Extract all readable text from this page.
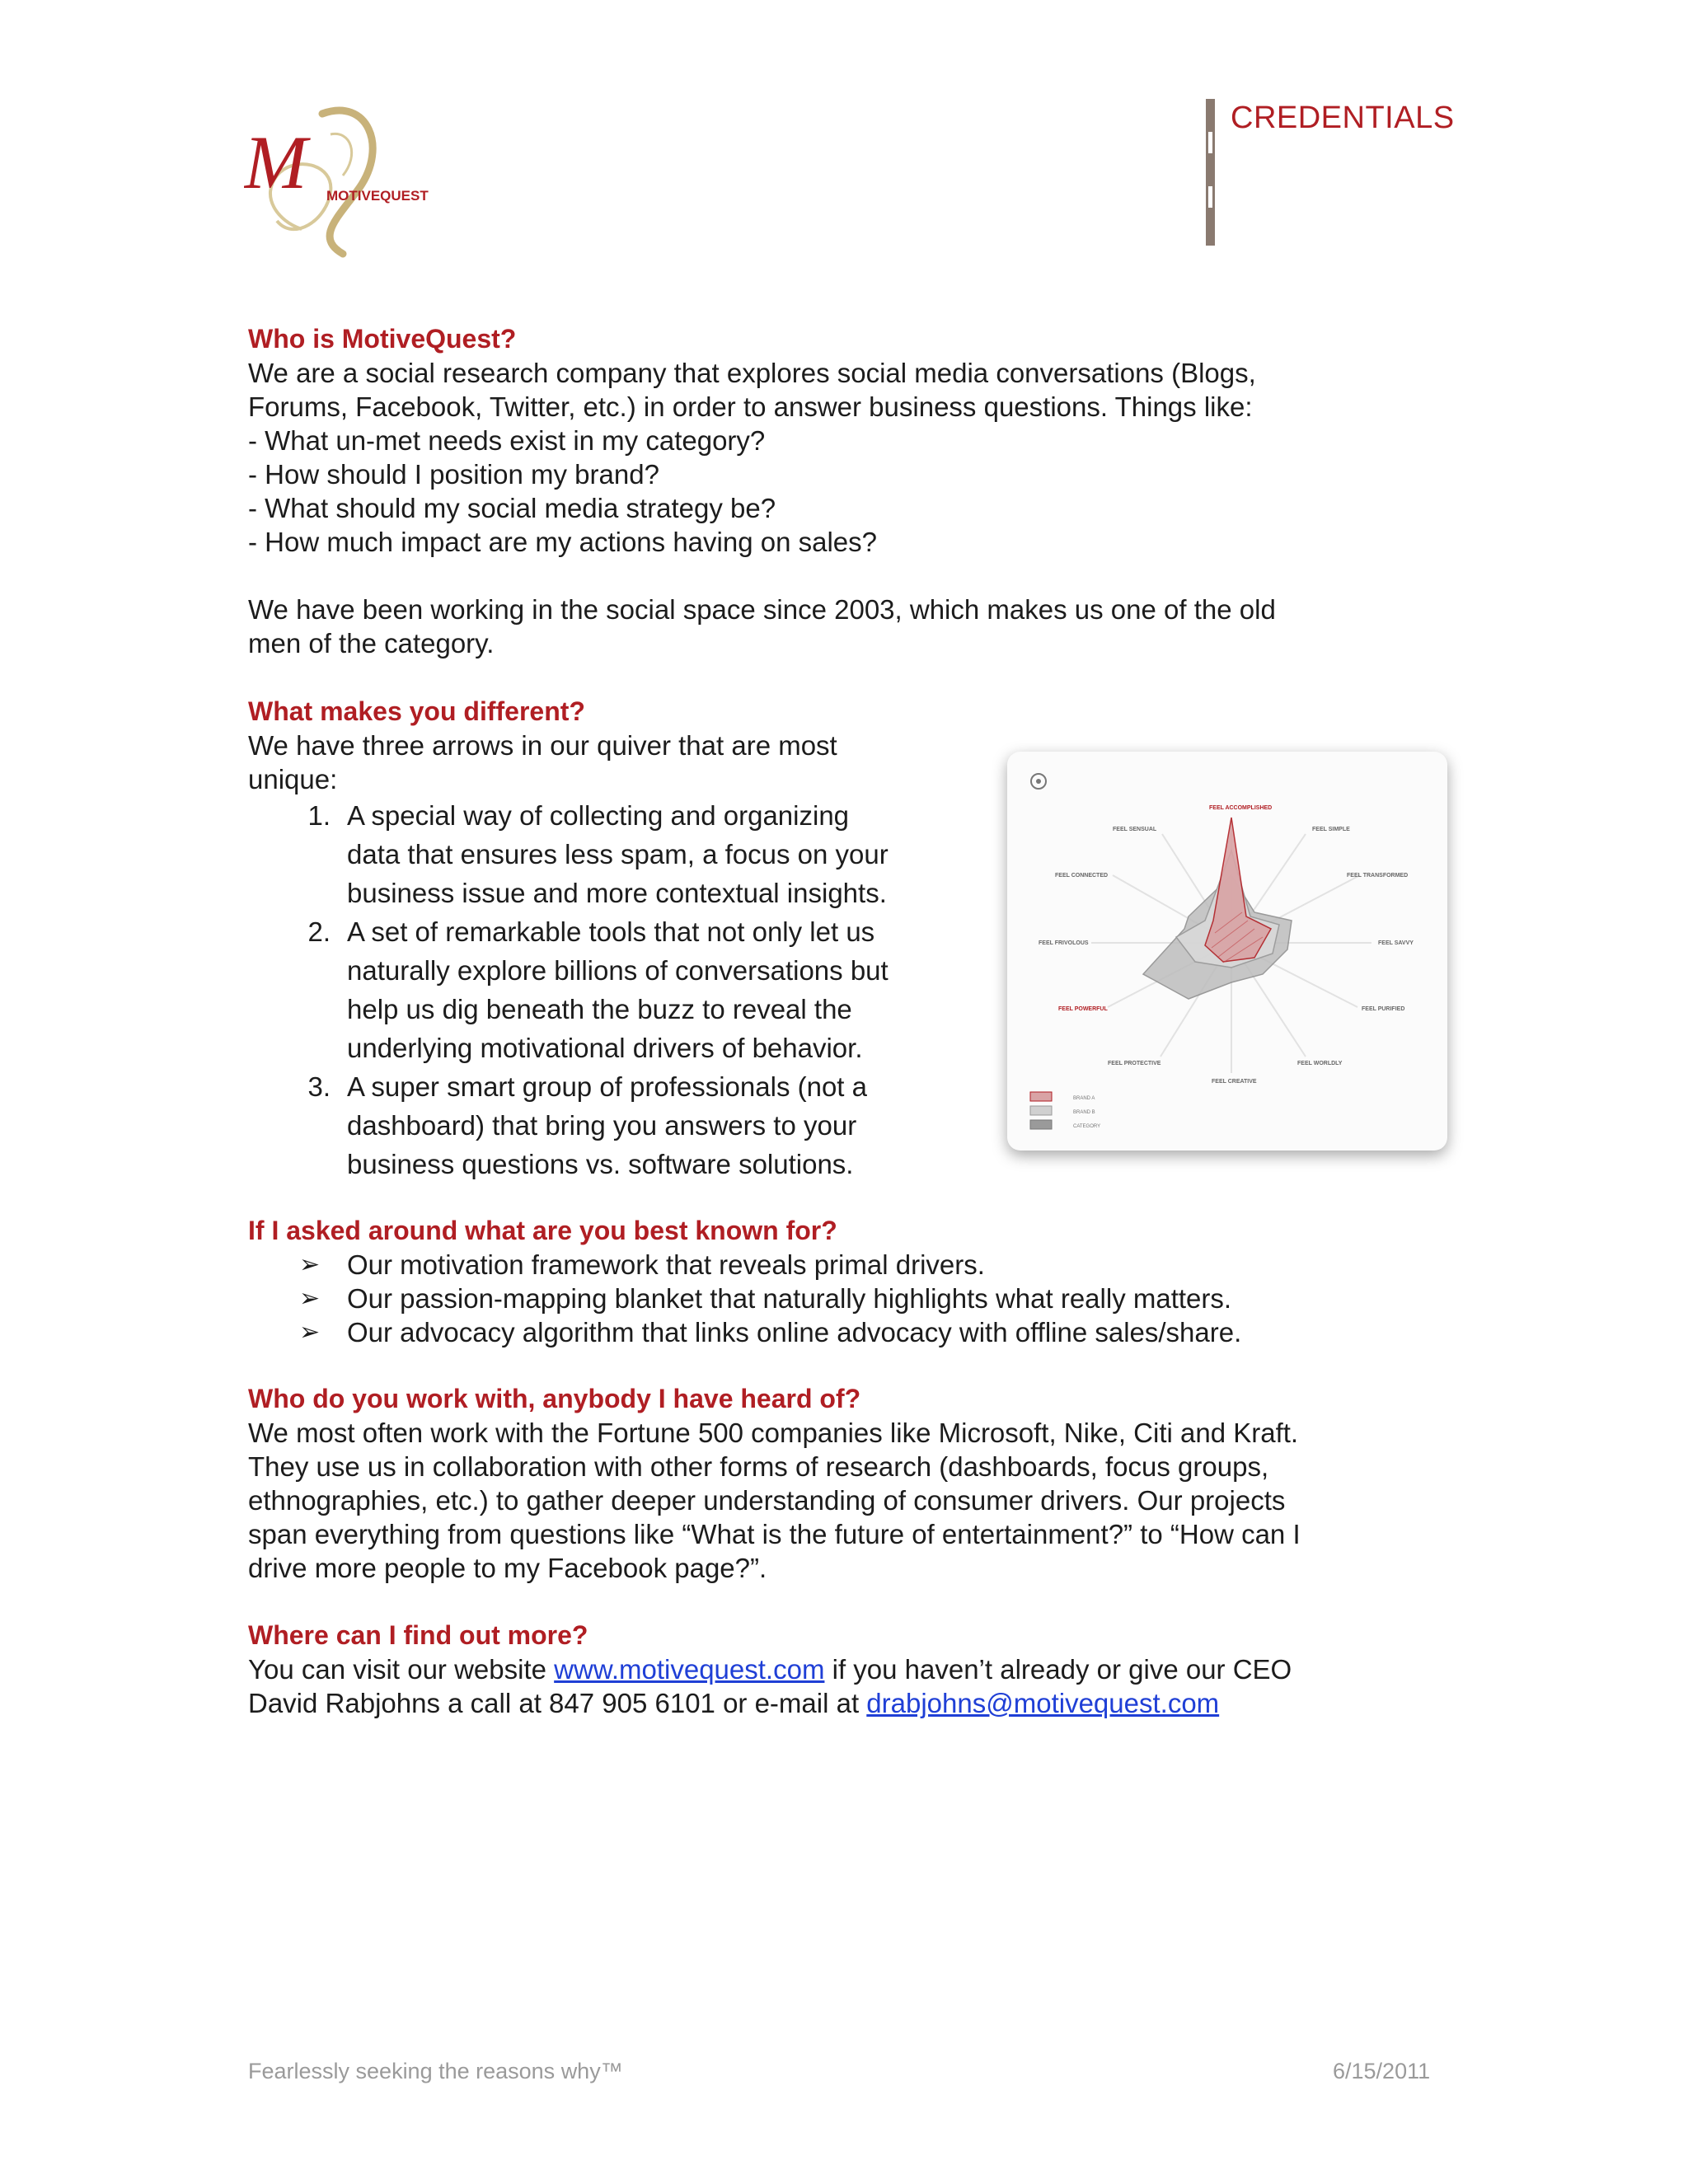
M MOTIVEQUEST
CREDENTIALS

Who is MotiveQuest?

We are a social research company that explores social media conversations (Blogs,

Forums, Facebook, Twitter, etc.) in order to answer business questions. Things like:

- What un-met needs exist in my category?

- How should I position my brand?

- What should my social media strategy be?

- How much impact are my actions having on sales?

We have been working in the social space since 2003, which makes us one of the old

men of the category.

What makes you different?

We have three arrows in our quiver that are most

unique:

1. A special way of collecting and organizing
data that ensures less spam, a focus on your
business issue and more contextual insights.
2. A set of remarkable tools that not only let us
naturally explore billions of conversations but
help us dig beneath the buzz to reveal the
underlying motivational drivers of behavior.
3. A super smart group of professionals (not a
dashboard) that bring you answers to your
business questions vs. software solutions.
FEEL ACCOMPLISHED
FEEL SIMPLE
FEEL TRANSFORMED
FEEL SAVVY
FEEL PURIFIED
FEEL WORLDLY
FEEL CREATIVE
FEEL PROTECTIVE
FEEL POWERFUL
FEEL FRIVOLOUS
FEEL CONNECTED
FEEL SENSUAL
BRAND A
BRAND B
CATEGORY

If I asked around what are you best known for?

➢ Our motivation framework that reveals primal drivers.
➢ Our passion-mapping blanket that naturally highlights what really matters.
➢ Our advocacy algorithm that links online advocacy with offline sales/share.

Who do you work with, anybody I have heard of?

We most often work with the Fortune 500 companies like Microsoft, Nike, Citi and Kraft.

They use us in collaboration with other forms of research (dashboards, focus groups,

ethnographies, etc.) to gather deeper understanding of consumer drivers. Our projects

span everything from questions like “What is the future of entertainment?” to “How can I

drive more people to my Facebook page?”.

Where can I find out more?

You can visit our website www.motivequest.com if you haven’t already or give our CEO

David Rabjohns a call at 847 905 6101 or e-mail at drabjohns@motivequest.com

Fearlessly seeking the reasons why™	6/15/2011
